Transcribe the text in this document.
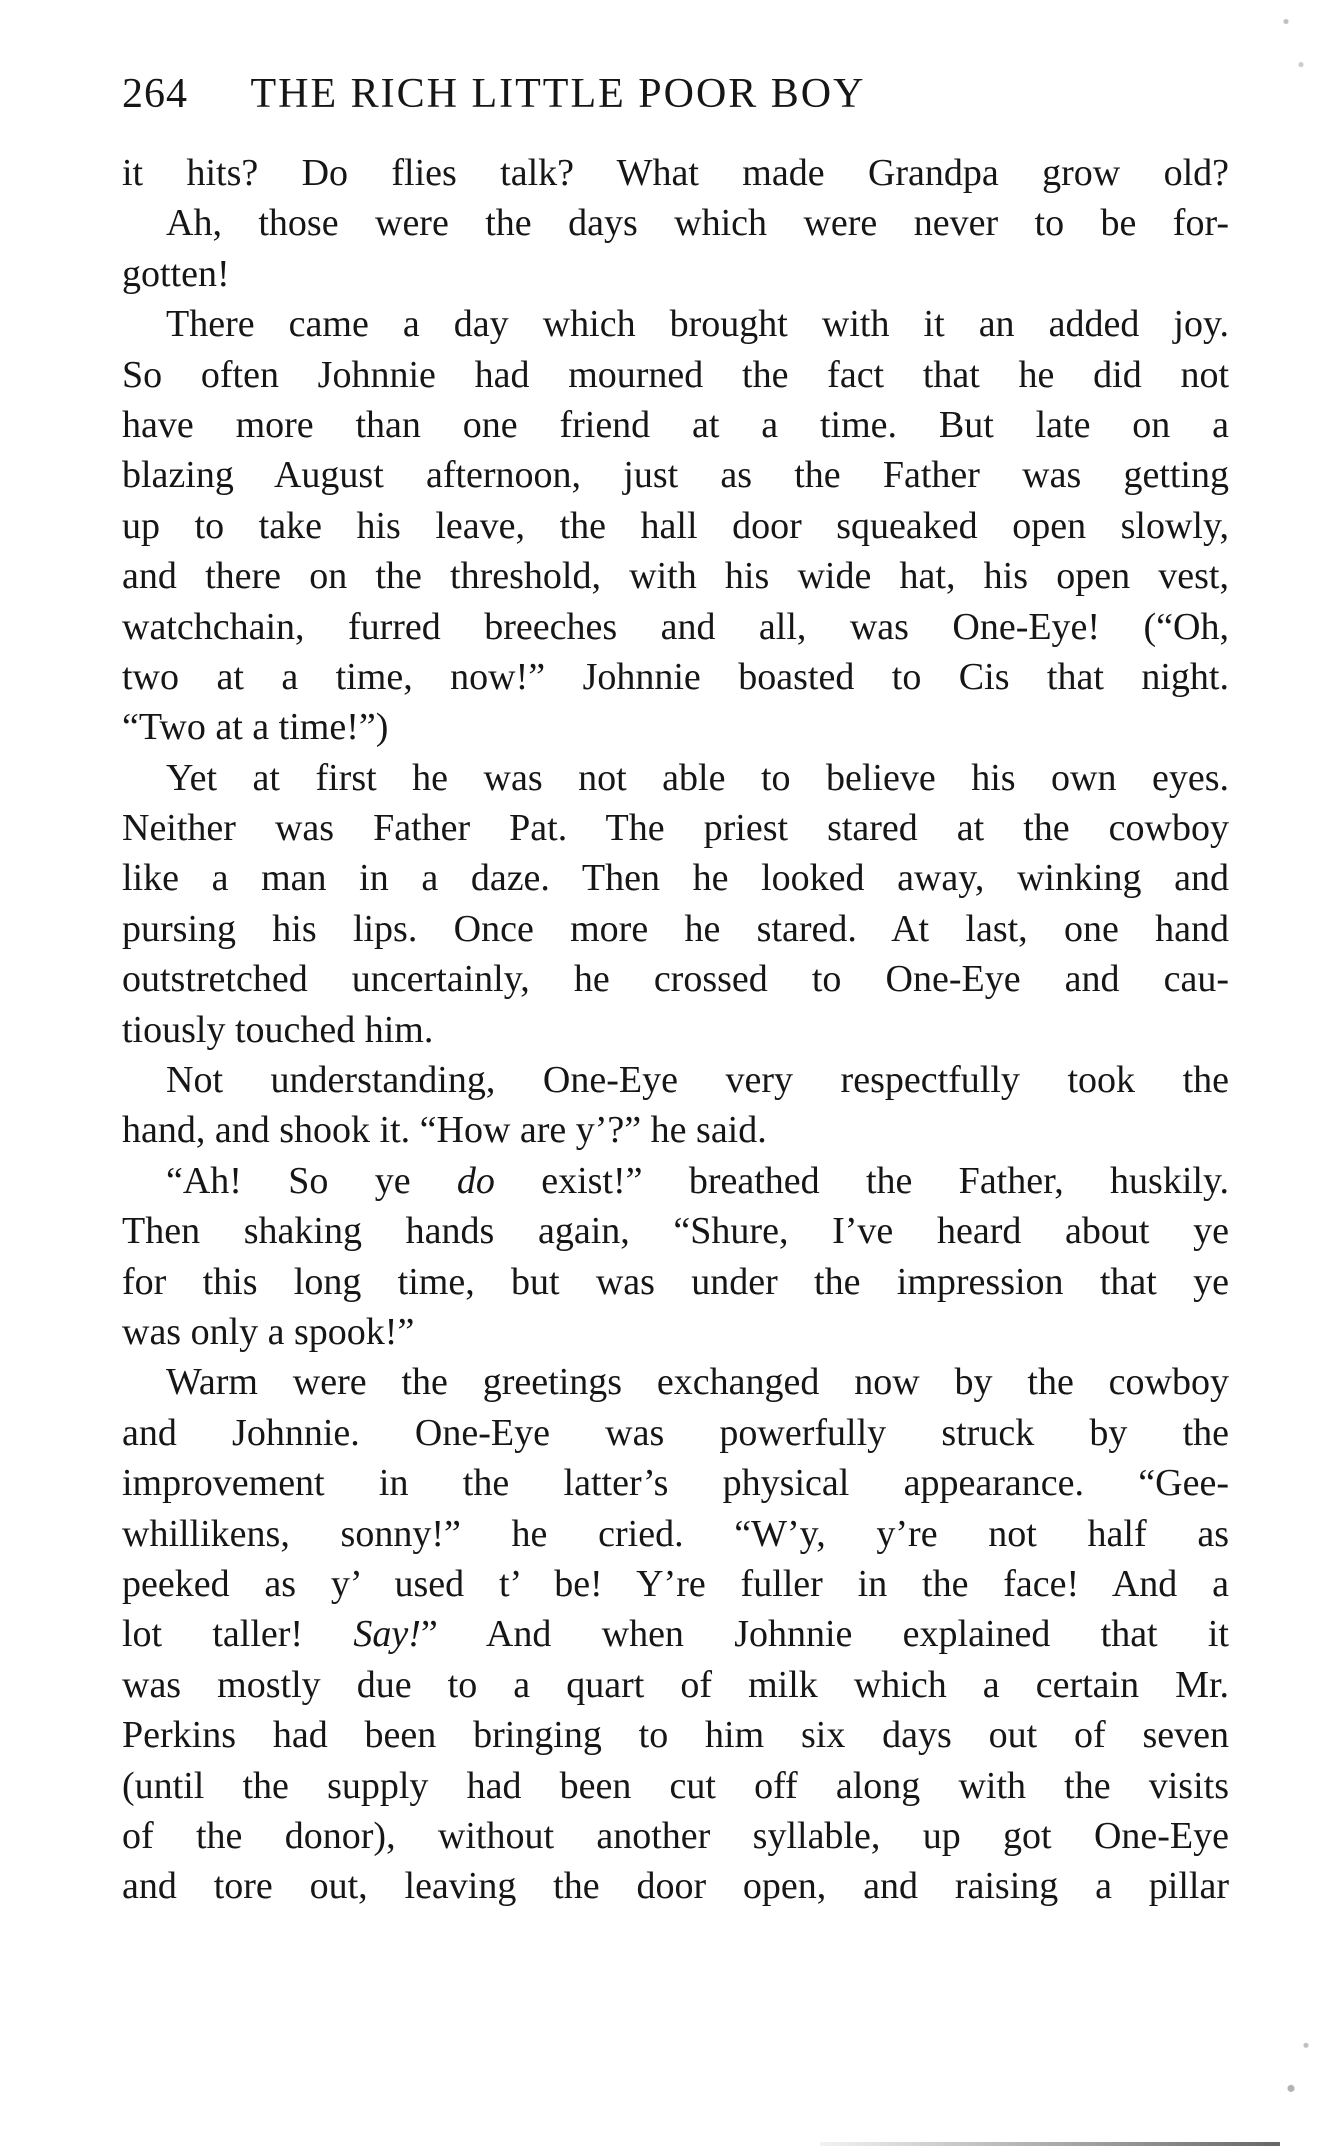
264 THE RICH LITTLE POOR BOY
it hits? Do flies talk? What made Grandpa grow old?
Ah, those were the days which were never to be for-
gotten!
There came a day which brought with it an added joy.
So often Johnnie had mourned the fact that he did not
have more than one friend at a time. But late on a
blazing August afternoon, just as the Father was getting
up to take his leave, the hall door squeaked open slowly,
and there on the threshold, with his wide hat, his open vest,
watchchain, furred breeches and all, was One-Eye! (“Oh,
two at a time, now!” Johnnie boasted to Cis that night.
“Two at a time!”)
Yet at first he was not able to believe his own eyes.
Neither was Father Pat. The priest stared at the cowboy
like a man in a daze. Then he looked away, winking and
pursing his lips. Once more he stared. At last, one hand
outstretched uncertainly, he crossed to One-Eye and cau-
tiously touched him.
Not understanding, One-Eye very respectfully took the
hand, and shook it. “How are y’?” he said.
“Ah! So ye do exist!” breathed the Father, huskily.
Then shaking hands again, “Shure, I’ve heard about ye
for this long time, but was under the impression that ye
was only a spook!”
Warm were the greetings exchanged now by the cowboy
and Johnnie. One-Eye was powerfully struck by the
improvement in the latter’s physical appearance. “Gee-
whillikens, sonny!” he cried. “W’y, y’re not half as
peeked as y’ used t’ be! Y’re fuller in the face! And a
lot taller! Say!” And when Johnnie explained that it
was mostly due to a quart of milk which a certain Mr.
Perkins had been bringing to him six days out of seven
(until the supply had been cut off along with the visits
of the donor), without another syllable, up got One-Eye
and tore out, leaving the door open, and raising a pillar
